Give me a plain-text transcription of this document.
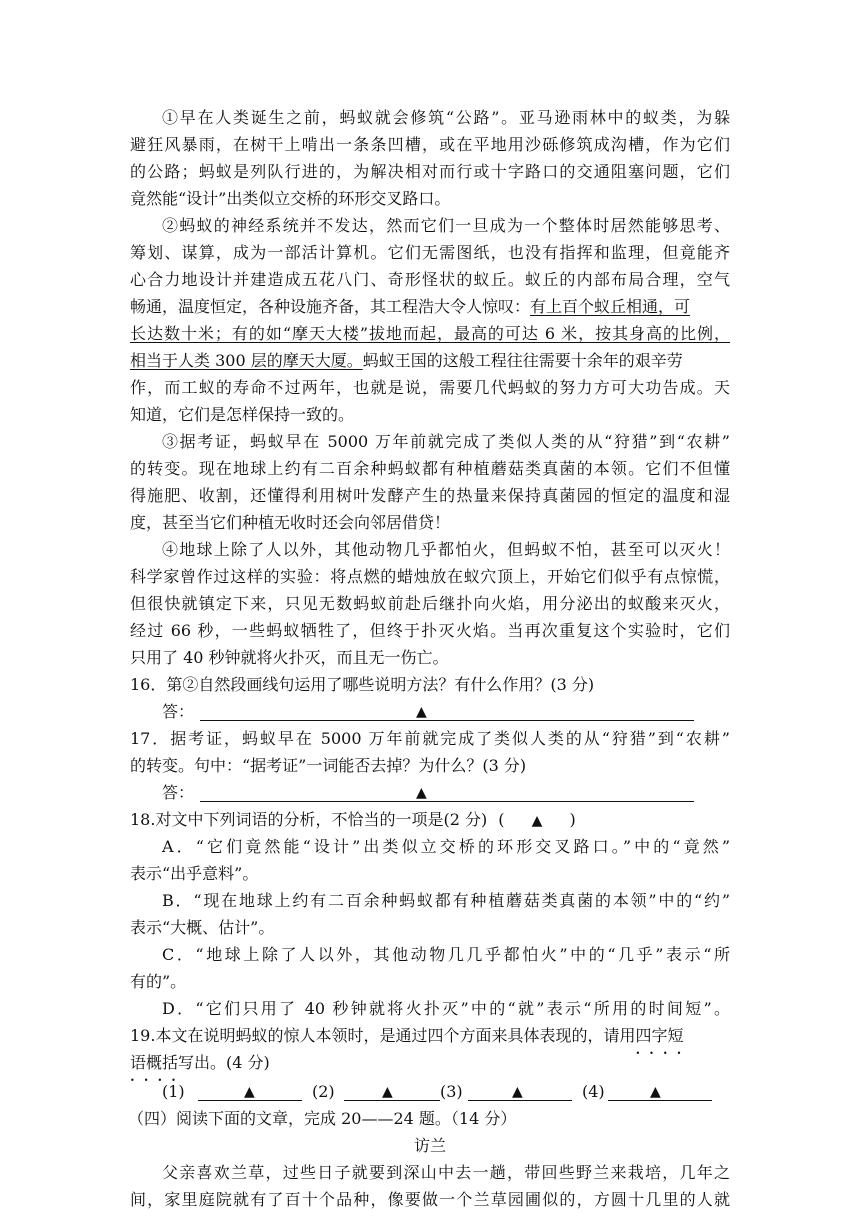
①早在人类诞生之前，蚂蚁就会修筑“公路”。亚马逊雨林中的蚁类，为躲
避狂风暴雨，在树干上啃出一条条凹槽，或在平地用沙砾修筑成沟槽，作为它们
的公路；蚂蚁是列队行进的，为解决相对而行或十字路口的交通阻塞问题，它们
竟然能“设计”出类似立交桥的环形交叉路口。
②蚂蚁的神经系统并不发达，然而它们一旦成为一个整体时居然能够思考、
筹划、谋算，成为一部活计算机。它们无需图纸，也没有指挥和监理，但竟能齐
心合力地设计并建造成五花八门、奇形怪状的蚁丘。蚁丘的内部布局合理，空气
畅通，温度恒定，各种设施齐备，其工程浩大令人惊叹：有上百个蚁丘相通，可
长达数十米；有的如“摩天大楼”拔地而起，最高的可达 6 米，按其身高的比例，
相当于人类 300 层的摩天大厦。蚂蚁王国的这般工程往往需要十余年的艰辛劳
作，而工蚁的寿命不过两年，也就是说，需要几代蚂蚁的努力方可大功告成。天
知道，它们是怎样保持一致的。
③据考证，蚂蚁早在 5000 万年前就完成了类似人类的从“狩猎”到“农耕”
的转变。现在地球上约有二百余种蚂蚁都有种植蘑菇类真菌的本领。它们不但懂
得施肥、收割，还懂得利用树叶发酵产生的热量来保持真菌园的恒定的温度和湿
度，甚至当它们种植无收时还会向邻居借贷！
④地球上除了人以外，其他动物几乎都怕火，但蚂蚁不怕，甚至可以灭火！
科学家曾作过这样的实验：将点燃的蜡烛放在蚁穴顶上，开始它们似乎有点惊慌，
但很快就镇定下来，只见无数蚂蚁前赴后继扑向火焰，用分泌出的蚁酸来灭火，
经过 66 秒，一些蚂蚁牺牲了，但终于扑灭火焰。当再次重复这个实验时，它们
只用了 40 秒钟就将火扑灭，而且无一伤亡。
16．第②自然段画线句运用了哪些说明方法？有什么作用？(3 分)
答：	▲
17．据考证，蚂蚁早在 5000 万年前就完成了类似人类的从“狩猎”到“农耕”
的转变。句中：“据考证”一词能否去掉？为什么？(3 分)
答：	▲
18.对文中下列词语的分析，不恰当的一项是(2 分) ( ▲ )
A．“它们竟然能“设计”出类似立交桥的环形交叉路口。”中的“竟然”
表示“出乎意料”。
B．“现在地球上约有二百余种蚂蚁都有种植蘑菇类真菌的本领”中的“约”
表示“大概、估计”。
C．“地球上除了人以外，其他动物几几乎都怕火”中的“几乎”表示“所
有的”。
D．“它们只用了 40 秒钟就将火扑灭”中的“就”表示“所用的时间短”。
19.本文在说明蚂蚁的惊人本领时，是通过四个方面来具体表现的，请用四字短 ••••
语 ••••概括写出。(4 分)
(1)	▲	(2)	▲	(3)	▲	(4)	▲
（四）阅读下面的文章，完成 20——24 题。（14 分）
访兰
父亲喜欢兰草，过些日子就要到深山中去一趟，带回些野兰来栽培，几年之
间，家里庭院就有了百十个品种，像要做一个兰草园圃似的，方圆十几里的人就
